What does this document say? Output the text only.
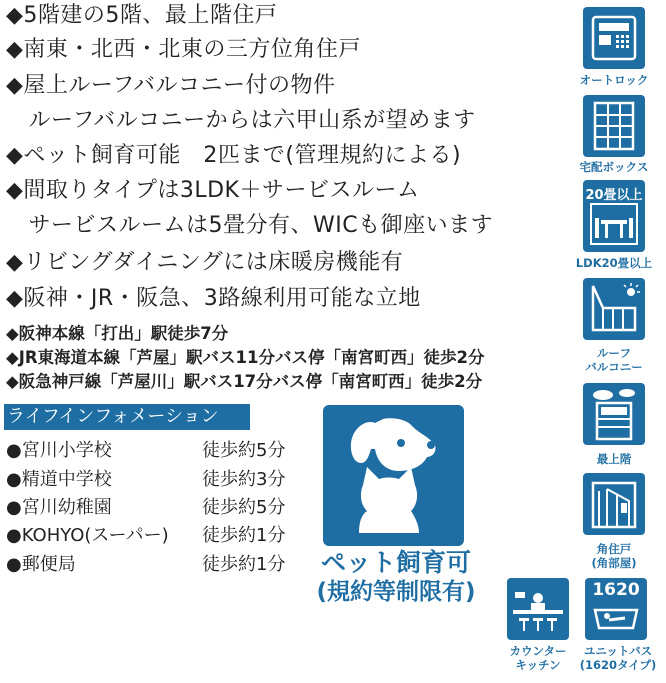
◆5階建の5階、最上階住戸
◆南東・北西・北東の三方位角住戸
◆屋上ルーフバルコニー付の物件
　ルーフバルコニーからは六甲山系が望めます
◆ペット飼育可能　2匹まで(管理規約による)
◆間取りタイプは3LDK＋サービスルーム
　サービスルームは5畳分有、WICも御座います
◆リビングダイニングには床暖房機能有
◆阪神・JR・阪急、3路線利用可能な立地
◆阪神本線「打出」駅徒歩7分
◆JR東海道本線「芦屋」駅バス11分バス停「南宮町西」徒歩2分
◆阪急神戸線「芦屋川」駅バス17分バス停「南宮町西」徒歩2分
ライフインフォメーション
●宮川小学校	徒歩約5分
●精道中学校	徒歩約3分
●宮川幼稚園	徒歩約5分
●KOHYO(スーパー) 徒歩約1分
●郵便局	徒歩約1分	ペット飼育可
(規約等制限有)
オートロック
宅配ボックス
20畳以上
LDK20畳以上
ルーフ
バルコニー
最上階
角住戸
(角部屋)
カウンター
キッチン
1620
ユニットバス
(1620タイプ)
